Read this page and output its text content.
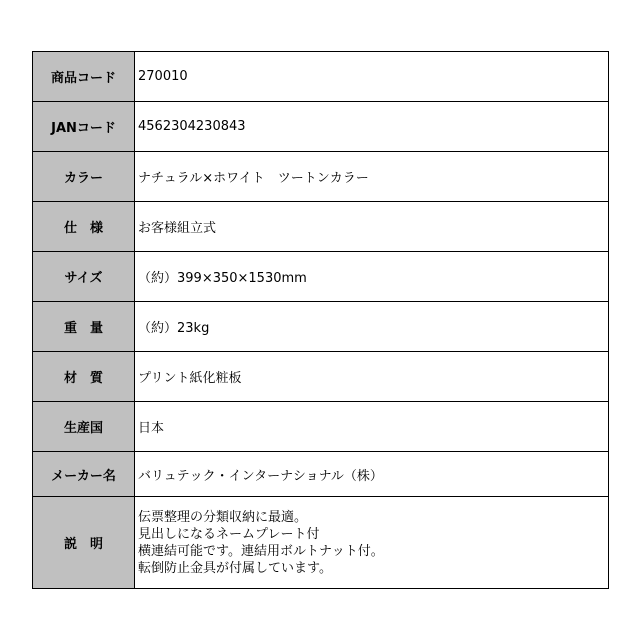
商品コード	270010
JANコード	4562304230843
カラー	ナチュラル×ホワイト　ツートンカラー
仕　様	お客様組立式
サイズ	（約）399×350×1530mm
重　量	（約）23kg
材　質	プリント紙化粧板
生産国	日本
メーカー名	バリュテック・インターナショナル（株）
説　明	伝票整理の分類収納に最適。
見出しになるネームプレート付
横連結可能です。連結用ボルトナット付。
転倒防止金具が付属しています。
